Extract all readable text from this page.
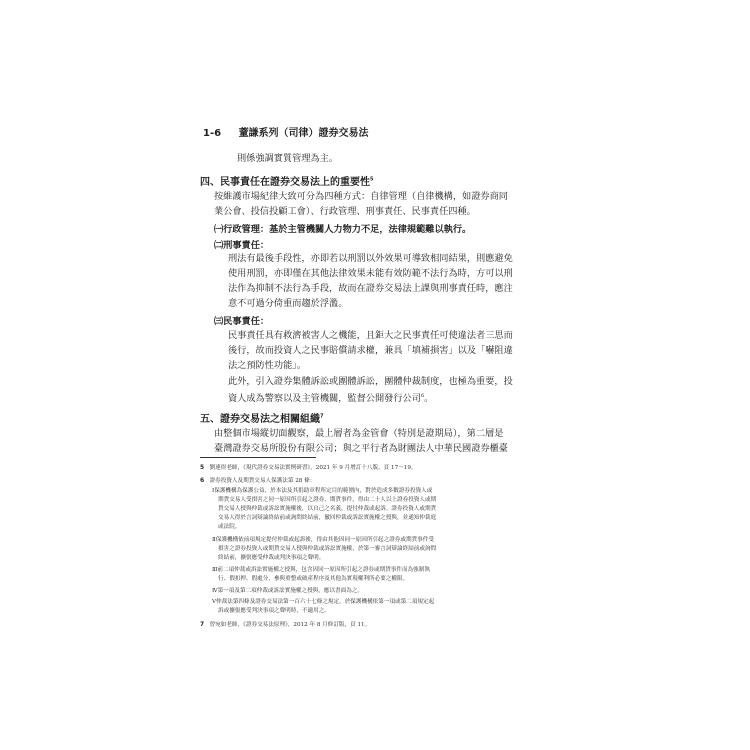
1-6 蕫謙系列（司律）證券交易法
則係強調實質管理為主。
四、民事責任在證券交易法上的重要性$^5$
按維護市場紀律大致可分為四種方式：自律管理（自律機構，如證券商同
業公會、投信投顧工會）、行政管理、刑事責任、民事責任四種。
㈠行政管理：基於主管機關人力物力不足，法律規範難以執行。
㈡刑事責任：
刑法有最後手段性，亦即若以刑罰以外效果可導致相同結果，則應避免
使用刑罰，亦即僅在其他法律效果未能有效防範不法行為時，方可以刑
法作為抑制不法行為手段，故而在證券交易法上課與刑事責任時，應注
意不可過分倚重而趨於浮濫。
㈢民事責任：
民事責任具有救濟被害人之機能，且鉅大之民事責任可使違法者三思而
後行，故而投資人之民事賠償請求權，兼具「填補損害」以及「嚇阻違
法之預防性功能」。
此外，引入證券集體訴訟或團體訴訟，團體仲裁制度，也極為重要，投
資人成為警察以及主管機關，監督公開發行公司$^6$。
五、證券交易法之相關組織$^7$
由整個市場縱切面觀察，最上層者為金管會（特別是證期局），第二層是
臺灣證券交易所股份有限公司；與之平行者為財團法人中華民國證券櫃臺
5 劉連煜老師，《現代證券交易法實例研習》，2021 年 9 月增訂十八版，頁 17～19。
6 證券投資人及期貨交易人保護法第 28 條：
Ⅰ保護機構為保護公益，於本法及其捐助章程所定目的範圍內，對於造成多數證券投資人或
期貨交易人受損害之同一原因所引起之證券、期貨事件，得由二十人以上證券投資人或期
貨交易人授與仲裁或訴訟實施權後，以自己之名義，提付仲裁或起訴。證券投資人或期貨
交易人得於言詞辯論終結前或詢問終結前，撤回仲裁或訴訟實施權之授與，並通知仲裁庭
或法院。
Ⅱ保護機構依前項規定提付仲裁或起訴後，得由其他因同一原因所引起之證券或期貨事件受
損害之證券投資人或期貨交易人授與仲裁或訴訟實施權，於第一審言詞辯論終結前或詢問
終結前，擴張應受仲裁或判決事項之聲明。
Ⅲ前二項仲裁或訴訟實施權之授與，包含因同一原因所引起之證券或期貨事件而為強制執
行、假扣押、假處分、參與重整或破產程序及其他為實現權利所必要之權限。
Ⅳ第一項及第二項仲裁或訴訟實施權之授與，應以書面為之。
Ⅴ仲裁法第四條及證券交易法第一百六十七條之規定，於保護機構依第一項或第二項規定起
訴或擴張應受判決事項之聲明時，不適用之。
7 曾宛如老師，《證券交易法原理》，2012 年 8 月修訂版，頁 11。
